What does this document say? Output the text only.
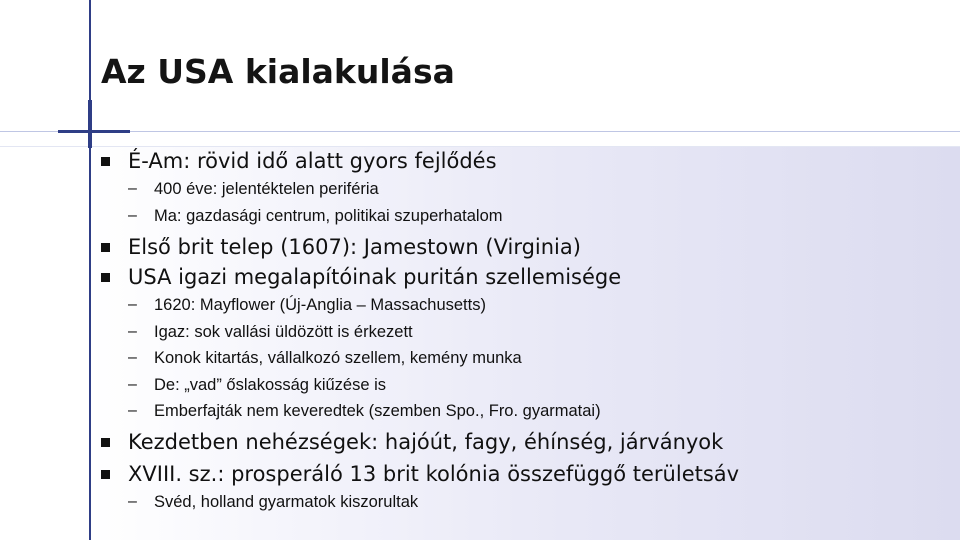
Az USA kialakulása
É-Am: rövid idő alatt gyors fejlődés
–	400 éve: jelentéktelen periféria
–	Ma: gazdasági centrum, politikai szuperhatalom
Első brit telep (1607): Jamestown (Virginia)
USA igazi megalapítóinak puritán szellemisége
–	1620: Mayflower (Új-Anglia – Massachusetts)
–	Igaz: sok vallási üldözött is érkezett
–	Konok kitartás, vállalkozó szellem, kemény munka
–	De: „vad” őslakosság kiűzése is
–	Emberfajták nem keveredtek (szemben Spo., Fro. gyarmatai)
Kezdetben nehézségek: hajóút, fagy, éhínség, járványok
XVIII. sz.: prosperáló 13 brit kolónia összefüggő területsáv
–	Svéd, holland gyarmatok kiszorultak
